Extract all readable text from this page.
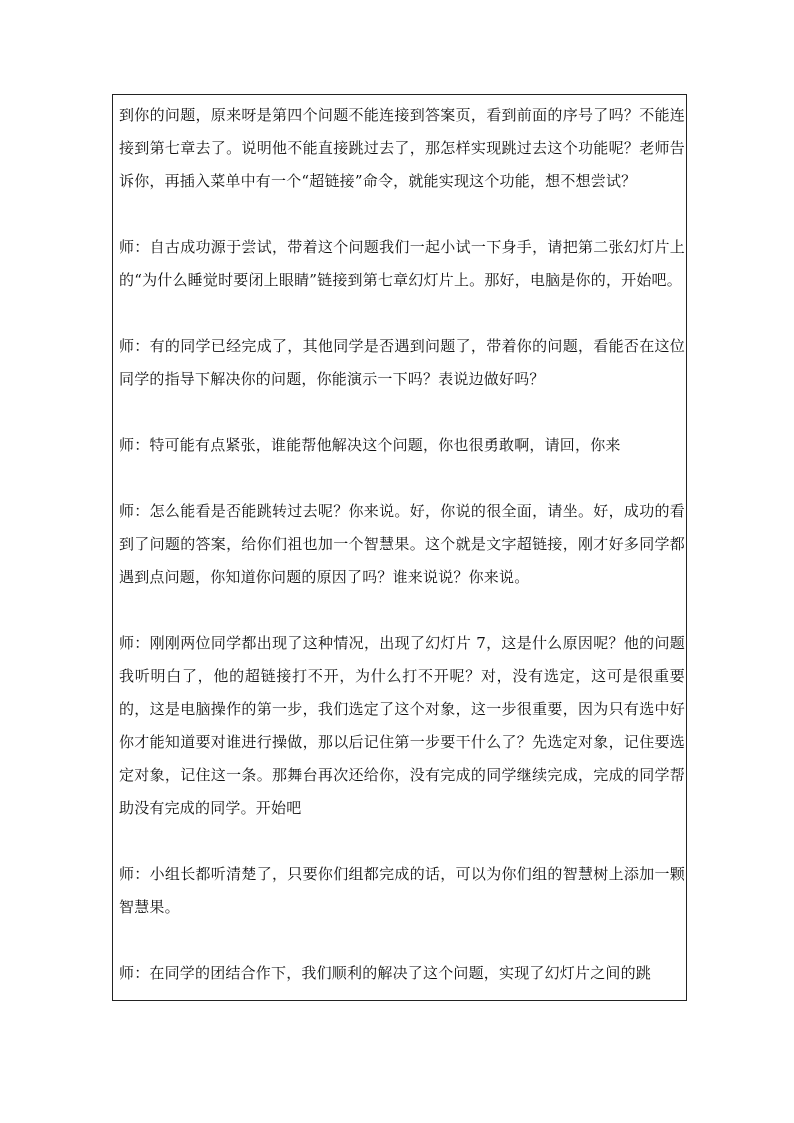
到你的问题，原来呀是第四个问题不能连接到答案页，看到前面的序号了吗？不能连接到第七章去了。说明他不能直接跳过去了，那怎样实现跳过去这个功能呢？老师告诉你，再插入菜单中有一个“超链接”命令，就能实现这个功能，想不想尝试？

师：自古成功源于尝试，带着这个问题我们一起小试一下身手，请把第二张幻灯片上的“为什么睡觉时要闭上眼睛”链接到第七章幻灯片上。那好，电脑是你的，开始吧。

师：有的同学已经完成了，其他同学是否遇到问题了，带着你的问题，看能否在这位同学的指导下解决你的问题，你能演示一下吗？表说边做好吗？

师：特可能有点紧张，谁能帮他解决这个问题，你也很勇敢啊，请回，你来

师：怎么能看是否能跳转过去呢？你来说。好，你说的很全面，请坐。好，成功的看到了问题的答案，给你们祖也加一个智慧果。这个就是文字超链接，刚才好多同学都遇到点问题，你知道你问题的原因了吗？谁来说说？你来说。

师：刚刚两位同学都出现了这种情况，出现了幻灯片 7，这是什么原因呢？他的问题我听明白了，他的超链接打不开，为什么打不开呢？对，没有选定，这可是很重要的，这是电脑操作的第一步，我们选定了这个对象，这一步很重要，因为只有选中好你才能知道要对谁进行操做，那以后记住第一步要干什么了？先选定对象，记住要选定对象，记住这一条。那舞台再次还给你，没有完成的同学继续完成，完成的同学帮助没有完成的同学。开始吧

师：小组长都听清楚了，只要你们组都完成的话，可以为你们组的智慧树上添加一颗智慧果。

师：在同学的团结合作下，我们顺利的解决了这个问题，实现了幻灯片之间的跳
